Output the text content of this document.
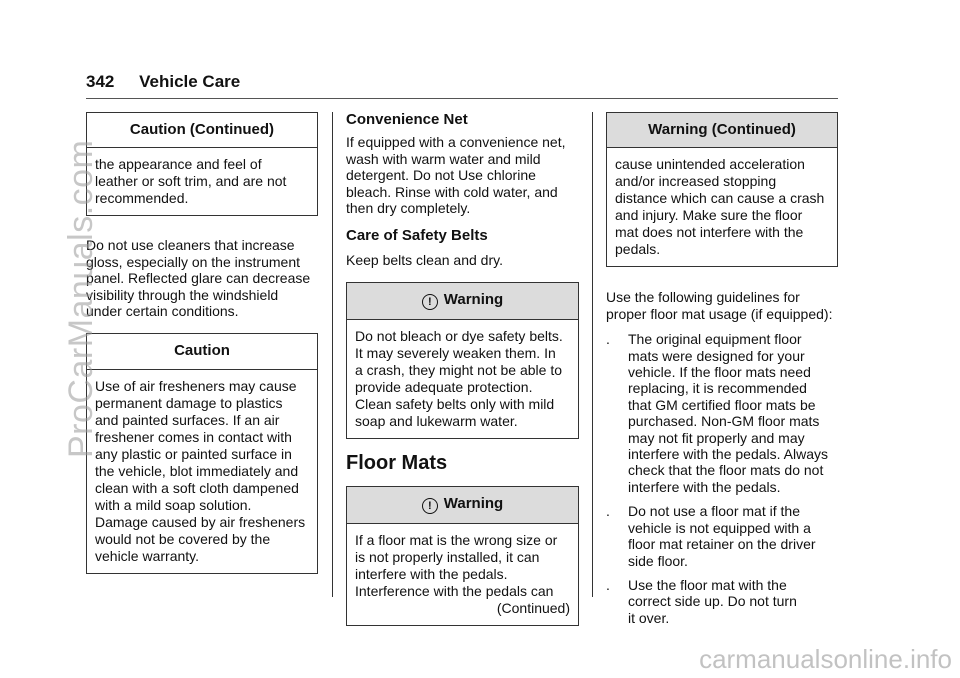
342 Vehicle Care
Caution (Continued)

the appearance and feel of

leather or soft trim, and are not

recommended.

Do not use cleaners that increase

gloss, especially on the instrument

panel. Reflected glare can decrease

visibility through the windshield

under certain conditions.

Caution

Use of air fresheners may cause

permanent damage to plastics

and painted surfaces. If an air

freshener comes in contact with

any plastic or painted surface in

the vehicle, blot immediately and

clean with a soft cloth dampened

with a mild soap solution.

Damage caused by air fresheners

would not be covered by the

vehicle warranty.

Convenience Net

If equipped with a convenience net,

wash with warm water and mild

detergent. Do not Use chlorine

bleach. Rinse with cold water, and

then dry completely.

Care of Safety Belts

Keep belts clean and dry.

! Warning

Do not bleach or dye safety belts.

It may severely weaken them. In

a crash, they might not be able to

provide adequate protection.

Clean safety belts only with mild

soap and lukewarm water.

Floor Mats
! Warning

If a floor mat is the wrong size or

is not properly installed, it can

interfere with the pedals.

Interference with the pedals can

(Continued)

Warning (Continued)

cause unintended acceleration

and/or increased stopping

distance which can cause a crash

and injury. Make sure the floor

mat does not interfere with the

pedals.

Use the following guidelines for

proper floor mat usage (if equipped):

. The original equipment floor

mats were designed for your

vehicle. If the floor mats need

replacing, it is recommended

that GM certified floor mats be

purchased. Non-GM floor mats

may not fit properly and may

interfere with the pedals. Always

check that the floor mats do not

interfere with the pedals.

. Do not use a floor mat if the

vehicle is not equipped with a

floor mat retainer on the driver

side floor.

. Use the floor mat with the

correct side up. Do not turn

it over.

ProCarManuals.com
carmanualsonline.info
